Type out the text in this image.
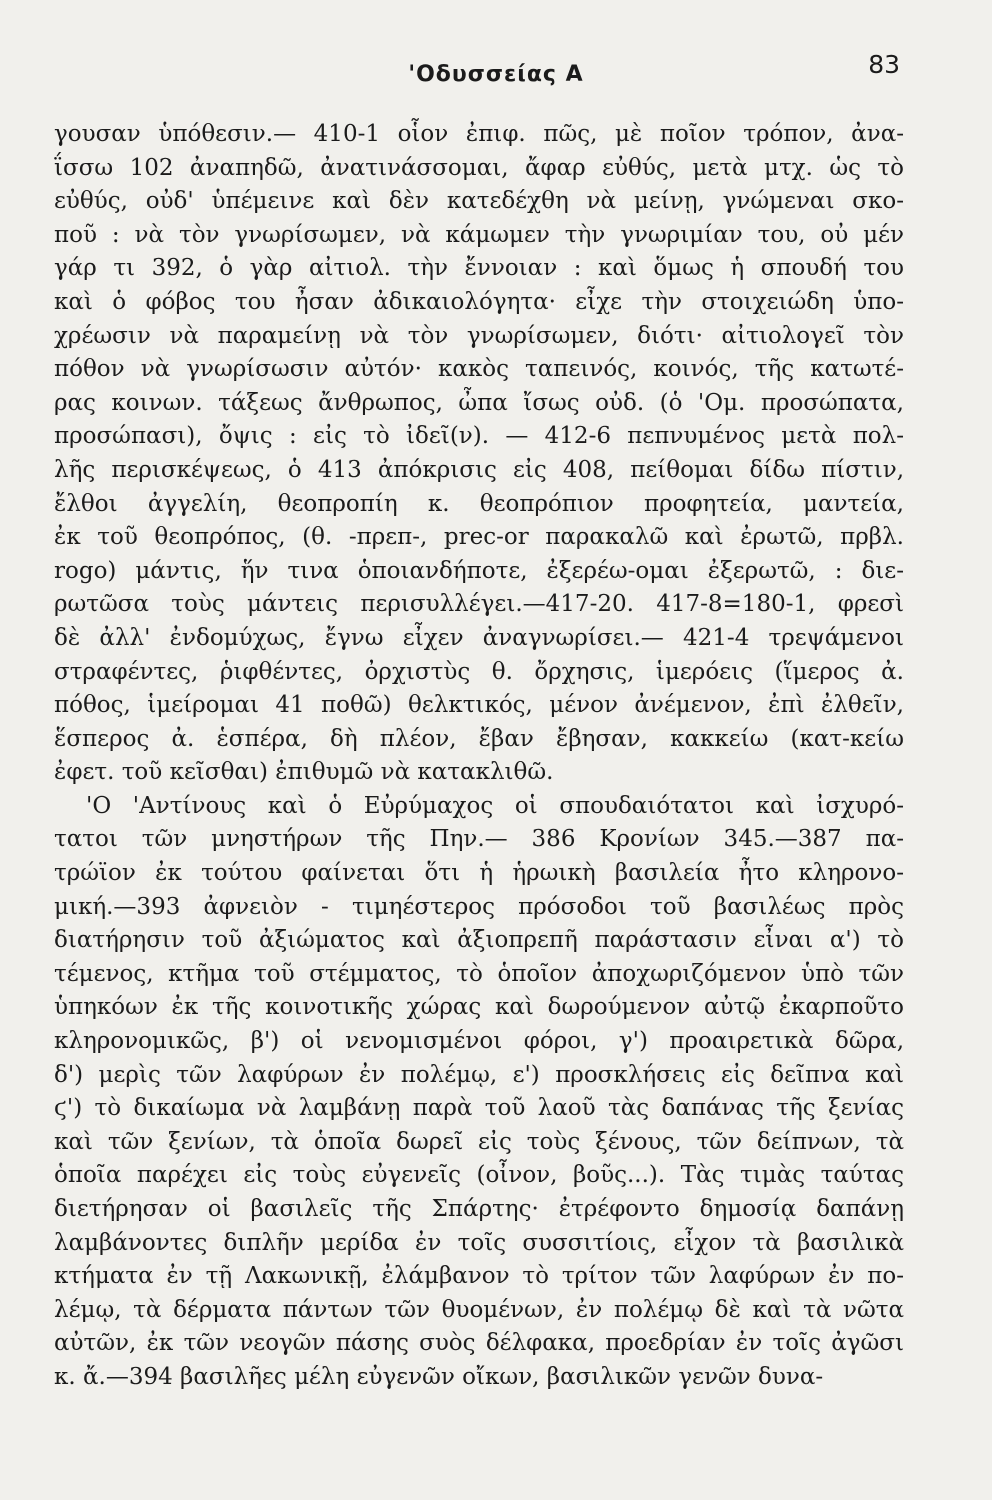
'Οδυσσείας Α	83
γουσαν ὑπόθεσιν.— 410-1 οἷον ἐπιφ. πῶς, μὲ ποῖον τρόπον, ἀνα-
ΐσσω 102 ἀναπηδῶ, ἀνατινάσσομαι, ἄφαρ εὐθύς, μετὰ μτχ. ὡς τὸ
εὐθύς, οὐδ' ὑπέμεινε καὶ δὲν κατεδέχθη νὰ μείνῃ, γνώμεναι σκο-
ποῦ : νὰ τὸν γνωρίσωμεν, νὰ κάμωμεν τὴν γνωριμίαν του, οὐ μέν
γάρ τι 392, ὁ γὰρ αἰτιολ. τὴν ἔννοιαν : καὶ ὅμως ἡ σπουδή του
καὶ ὁ φόβος του ἦσαν ἀδικαιολόγητα· εἶχε τὴν στοιχειώδη ὑπο-
χρέωσιν νὰ παραμείνῃ νὰ τὸν γνωρίσωμεν, διότι· αἰτιολογεῖ τὸν
πόθον νὰ γνωρίσωσιν αὐτόν· κακὸς ταπεινός, κοινός, τῆς κατωτέ-
ρας κοινων. τάξεως ἄνθρωπος, ὦπα ἴσως οὐδ. (ὁ 'Ομ. προσώπατα,
προσώπασι), ὄψις : εἰς τὸ ἰδεῖ(ν). — 412-6 πεπνυμένος μετὰ πολ-
λῆς περισκέψεως, ὁ 413 ἀπόκρισις εἰς 408, πείθομαι δίδω πίστιν,
ἔλθοι ἀγγελίη, θεοπροπίη κ. θεοπρόπιον προφητεία, μαντεία,
ἐκ τοῦ θεοπρόπος, (θ. -πρεπ-, prec-or παρακαλῶ καὶ ἐρωτῶ, πρβλ.
rogo) μάντις, ἥν τινα ὁποιανδήποτε, ἐξερέω-ομαι ἐξερωτῶ, : διε-
ρωτῶσα τοὺς μάντεις περισυλλέγει.—417-20. 417-8=180-1, φρεσὶ
δὲ ἀλλ' ἐνδομύχως, ἔγνω εἶχεν ἀναγνωρίσει.— 421-4 τρεψάμενοι
στραφέντες, ῥιφθέντες, ὀρχιστὺς θ. ὄρχησις, ἱμερόεις (ἵμερος ἀ.
πόθος, ἱμείρομαι 41 ποθῶ) θελκτικός, μένον ἀνέμενον, ἐπὶ ἐλθεῖν,
ἕσπερος ἀ. ἑσπέρα, δὴ πλέον, ἔβαν ἔβησαν, κακκείω (κατ-κείω
ἐφετ. τοῦ κεῖσθαι) ἐπιθυμῶ νὰ κατακλιθῶ.
'Ο 'Αντίνους καὶ ὁ Εὐρύμαχος οἱ σπουδαιότατοι καὶ ἰσχυρό-
τατοι τῶν μνηστήρων τῆς Πην.— 386 Κρονίων 345.—387 πα-
τρώϊον ἐκ τούτου φαίνεται ὅτι ἡ ἡρωικὴ βασιλεία ἦτο κληρονο-
μική.—393 ἀφνειὸν - τιμηέστερος πρόσοδοι τοῦ βασιλέως πρὸς
διατήρησιν τοῦ ἀξιώματος καὶ ἀξιοπρεπῆ παράστασιν εἶναι α') τὸ
τέμενος, κτῆμα τοῦ στέμματος, τὸ ὁποῖον ἀποχωριζόμενον ὑπὸ τῶν
ὑπηκόων ἐκ τῆς κοινοτικῆς χώρας καὶ δωρούμενον αὐτῷ ἐκαρποῦτο
κληρονομικῶς, β') οἱ νενομισμένοι φόροι, γ') προαιρετικὰ δῶρα,
δ') μερὶς τῶν λαφύρων ἐν πολέμῳ, ε') προσκλήσεις εἰς δεῖπνα καὶ
ϛ') τὸ δικαίωμα νὰ λαμβάνῃ παρὰ τοῦ λαοῦ τὰς δαπάνας τῆς ξενίας
καὶ τῶν ξενίων, τὰ ὁποῖα δωρεῖ εἰς τοὺς ξένους, τῶν δείπνων, τὰ
ὁποῖα παρέχει εἰς τοὺς εὐγενεῖς (οἶνον, βοῦς...). Τὰς τιμὰς ταύτας
διετήρησαν οἱ βασιλεῖς τῆς Σπάρτης· ἐτρέφοντο δημοσίᾳ δαπάνῃ
λαμβάνοντες διπλῆν μερίδα ἐν τοῖς συσσιτίοις, εἶχον τὰ βασιλικὰ
κτήματα ἐν τῇ Λακωνικῇ, ἐλάμβανον τὸ τρίτον τῶν λαφύρων ἐν πο-
λέμῳ, τὰ δέρματα πάντων τῶν θυομένων, ἐν πολέμῳ δὲ καὶ τὰ νῶτα
αὐτῶν, ἐκ τῶν νεογῶν πάσης συὸς δέλφακα, προεδρίαν ἐν τοῖς ἀγῶσι
κ. ἄ.—394 βασιλῆες μέλη εὐγενῶν οἴκων, βασιλικῶν γενῶν δυνα-
